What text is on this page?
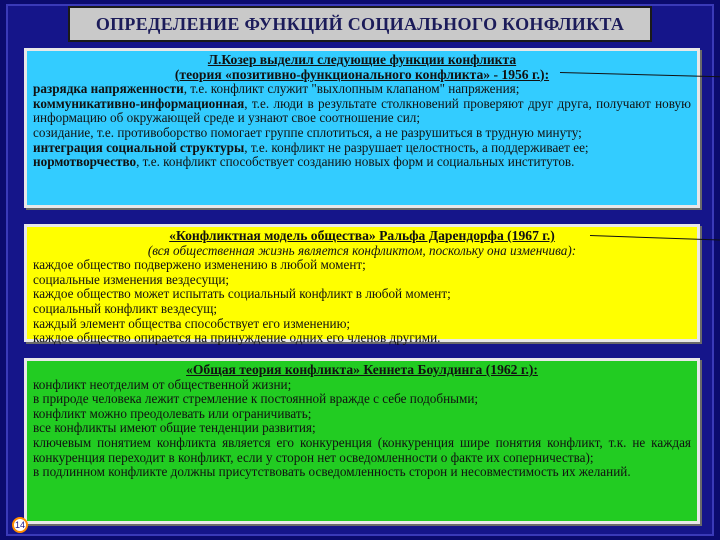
ОПРЕДЕЛЕНИЕ ФУНКЦИЙ СОЦИАЛЬНОГО КОНФЛИКТА
Л.Козер выделил следующие функции конфликта
(теория «позитивно-функционального конфликта» - 1956 г.):

разрядка напряженности, т.е. конфликт служит "выхлопным клапаном" напряжения;

коммуникативно-информационная, т.е. люди в результате столкновений проверяют друг друга, получают новую информацию об окружающей среде и узнают свое соотношение сил;

созидание, т.е. противоборство помогает группе сплотиться, а не разрушиться в трудную минуту;

интеграция социальной структуры, т.е. конфликт не разрушает целостность, а поддерживает ее;

нормотворчество, т.е. конфликт способствует созданию новых форм и социальных институтов.

«Конфликтная модель общества» Ральфа Дарендорфа (1967 г.)
(вся общественная жизнь является конфликтом, поскольку она изменчива):

каждое общество подвержено изменению в любой момент;

социальные изменения вездесущи;

каждое общество может испытать социальный конфликт в любой момент;

социальный конфликт вездесущ;

каждый элемент общества способствует его изменению;

каждое общество опирается на принуждение одних его членов другими.

«Общая теория конфликта» Кеннета Боулдинга (1962 г.):

конфликт неотделим от общественной жизни;

в природе человека лежит стремление к постоянной вражде с себе подобными;

конфликт можно преодолевать или ограничивать;

все конфликты имеют общие тенденции развития;

ключевым понятием конфликта является его конкуренция (конкуренция шире понятия конфликт, т.к. не каждая конкуренция переходит в конфликт, если у сторон нет осведомленности о факте их соперничества);

в подлинном конфликте должны присутствовать осведомленность сторон и несовместимость их желаний.

14
